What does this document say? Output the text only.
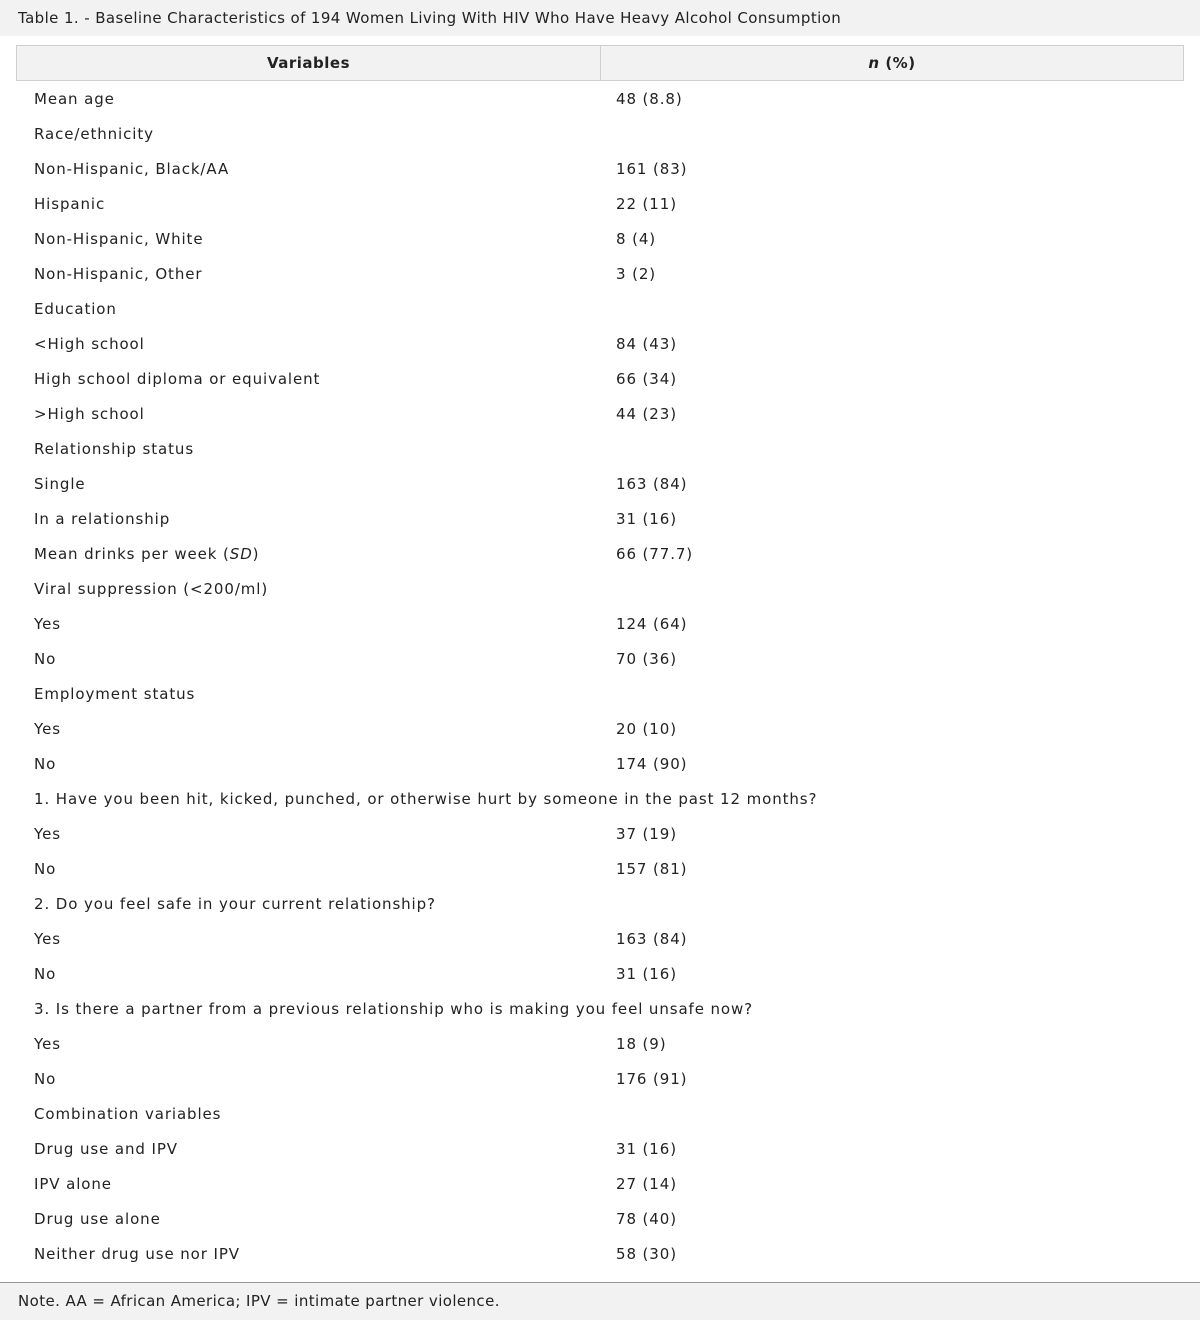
Table 1. - Baseline Characteristics of 194 Women Living With HIV Who Have Heavy Alcohol Consumption
Variables	n (%)
Mean age	48 (8.8)
Race/ethnicity
Non-Hispanic, Black/AA	161 (83)
Hispanic	22 (11)
Non-Hispanic, White	8 (4)
Non-Hispanic, Other	3 (2)
Education
<High school	84 (43)
High school diploma or equivalent	66 (34)
>High school	44 (23)
Relationship status
Single	163 (84)
In a relationship	31 (16)
Mean drinks per week (SD)	66 (77.7)
Viral suppression (<200/ml)
Yes	124 (64)
No	70 (36)
Employment status
Yes	20 (10)
No	174 (90)
1. Have you been hit, kicked, punched, or otherwise hurt by someone in the past 12 months?
Yes	37 (19)
No	157 (81)
2. Do you feel safe in your current relationship?
Yes	163 (84)
No	31 (16)
3. Is there a partner from a previous relationship who is making you feel unsafe now?
Yes	18 (9)
No	176 (91)
Combination variables
Drug use and IPV	31 (16)
IPV alone	27 (14)
Drug use alone	78 (40)
Neither drug use nor IPV	58 (30)
Note. AA = African America; IPV = intimate partner violence.
